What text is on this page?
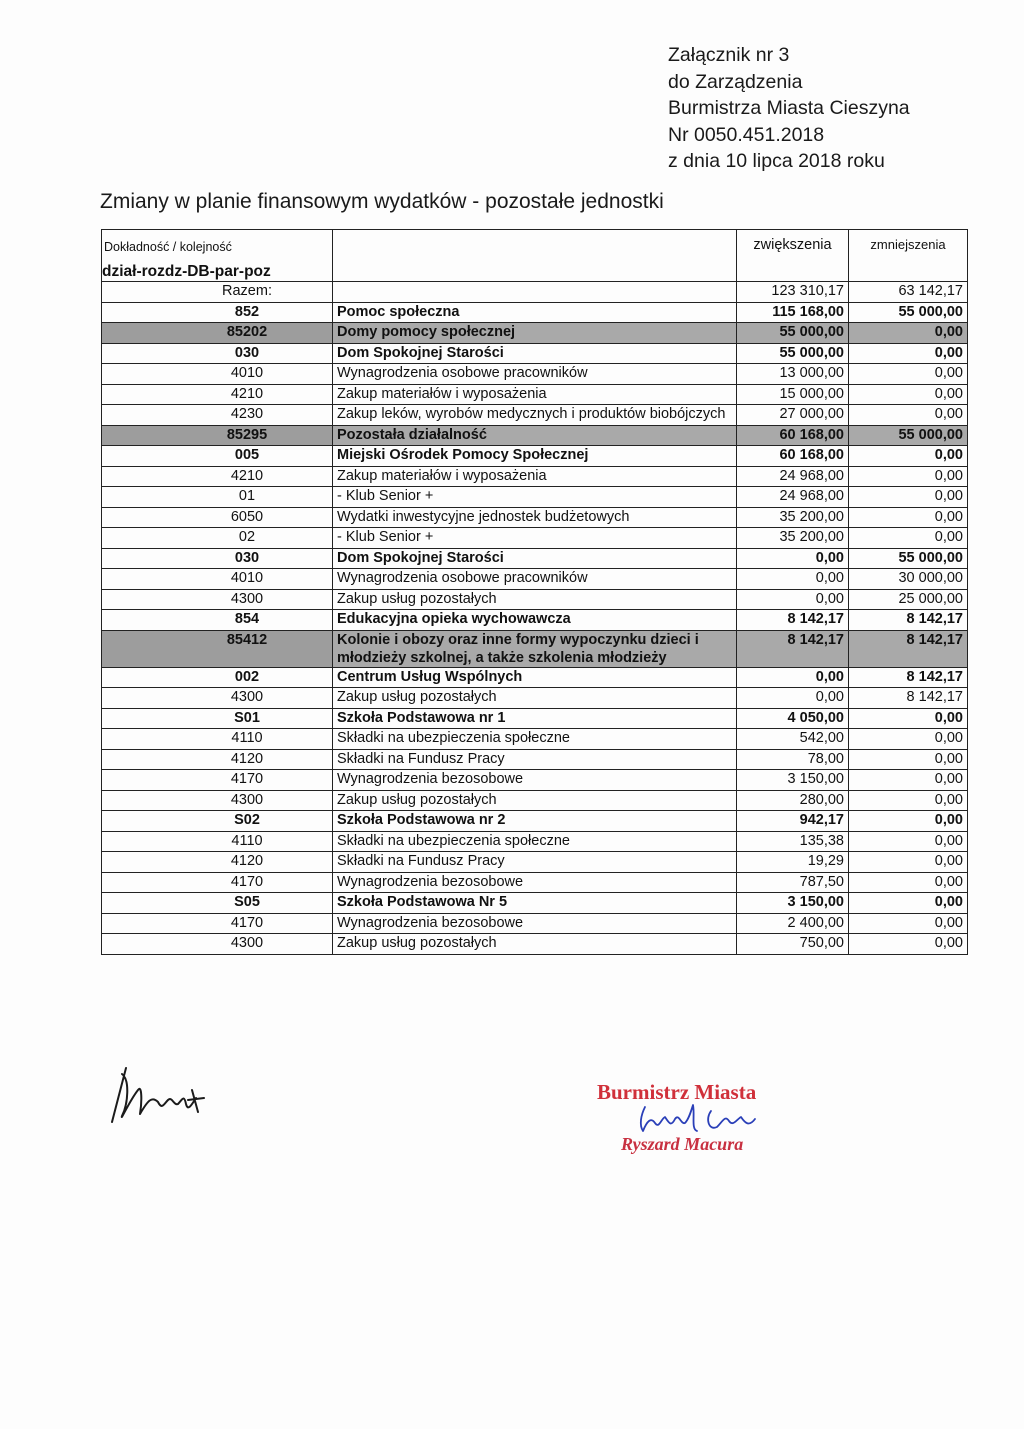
Załącznik nr 3
do Zarządzenia
Burmistrza Miasta Cieszyna
Nr 0050.451.2018
z dnia 10 lipca 2018 roku
Zmiany w planie finansowym wydatków - pozostałe jednostki
Dokładność / kolejność
dział-rozdz-DB-par-poz		zwiększenia	zmniejszenia
Razem:		123 310,17	63 142,17
852	Pomoc społeczna	115 168,00	55 000,00
85202	Domy pomocy społecznej	55 000,00	0,00
030	Dom Spokojnej Starości	55 000,00	0,00
4010	Wynagrodzenia osobowe pracowników	13 000,00	0,00
4210	Zakup materiałów i wyposażenia	15 000,00	0,00
4230	Zakup leków, wyrobów medycznych i produktów biobójczych	27 000,00	0,00
85295	Pozostała działalność	60 168,00	55 000,00
005	Miejski Ośrodek Pomocy Społecznej	60 168,00	0,00
4210	Zakup materiałów i wyposażenia	24 968,00	0,00
01	- Klub Senior +	24 968,00	0,00
6050	Wydatki inwestycyjne jednostek budżetowych	35 200,00	0,00
02	- Klub Senior +	35 200,00	0,00
030	Dom Spokojnej Starości	0,00	55 000,00
4010	Wynagrodzenia osobowe pracowników	0,00	30 000,00
4300	Zakup usług pozostałych	0,00	25 000,00
854	Edukacyjna opieka wychowawcza	8 142,17	8 142,17
85412	Kolonie i obozy oraz inne formy wypoczynku dzieci i młodzieży szkolnej, a także szkolenia młodzieży	8 142,17	8 142,17
002	Centrum Usług Wspólnych	0,00	8 142,17
4300	Zakup usług pozostałych	0,00	8 142,17
S01	Szkoła Podstawowa nr 1	4 050,00	0,00
4110	Składki na ubezpieczenia społeczne	542,00	0,00
4120	Składki na Fundusz Pracy	78,00	0,00
4170	Wynagrodzenia bezosobowe	3 150,00	0,00
4300	Zakup usług pozostałych	280,00	0,00
S02	Szkoła Podstawowa nr 2	942,17	0,00
4110	Składki na ubezpieczenia społeczne	135,38	0,00
4120	Składki na Fundusz Pracy	19,29	0,00
4170	Wynagrodzenia bezosobowe	787,50	0,00
S05	Szkoła Podstawowa Nr 5	3 150,00	0,00
4170	Wynagrodzenia bezosobowe	2 400,00	0,00
4300	Zakup usług pozostałych	750,00	0,00
Burmistrz Miasta
Ryszard Macura
